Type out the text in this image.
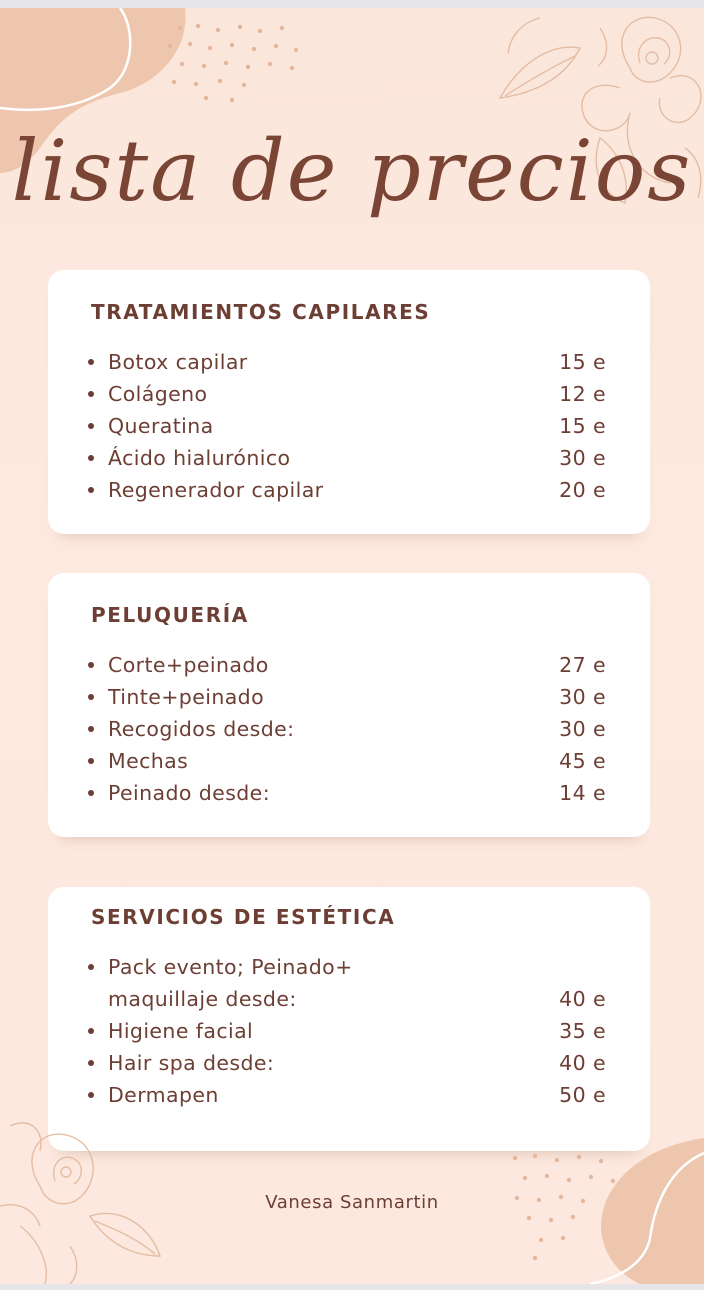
lista de precios
TRATAMIENTOS CAPILARES
Botox capilar	15 e
Colágeno	12 e
Queratina	15 e
Ácido hialurónico	30 e
Regenerador capilar	20 e
PELUQUERÍA
Corte+peinado	27 e
Tinte+peinado	30 e
Recogidos desde:	30 e
Mechas	45 e
Peinado desde:	14 e
SERVICIOS DE ESTÉTICA
Pack evento; Peinado+
maquillaje desde:	40 e
Higiene facial	35 e
Hair spa desde:	40 e
Dermapen	50 e
Vanesa Sanmartin
